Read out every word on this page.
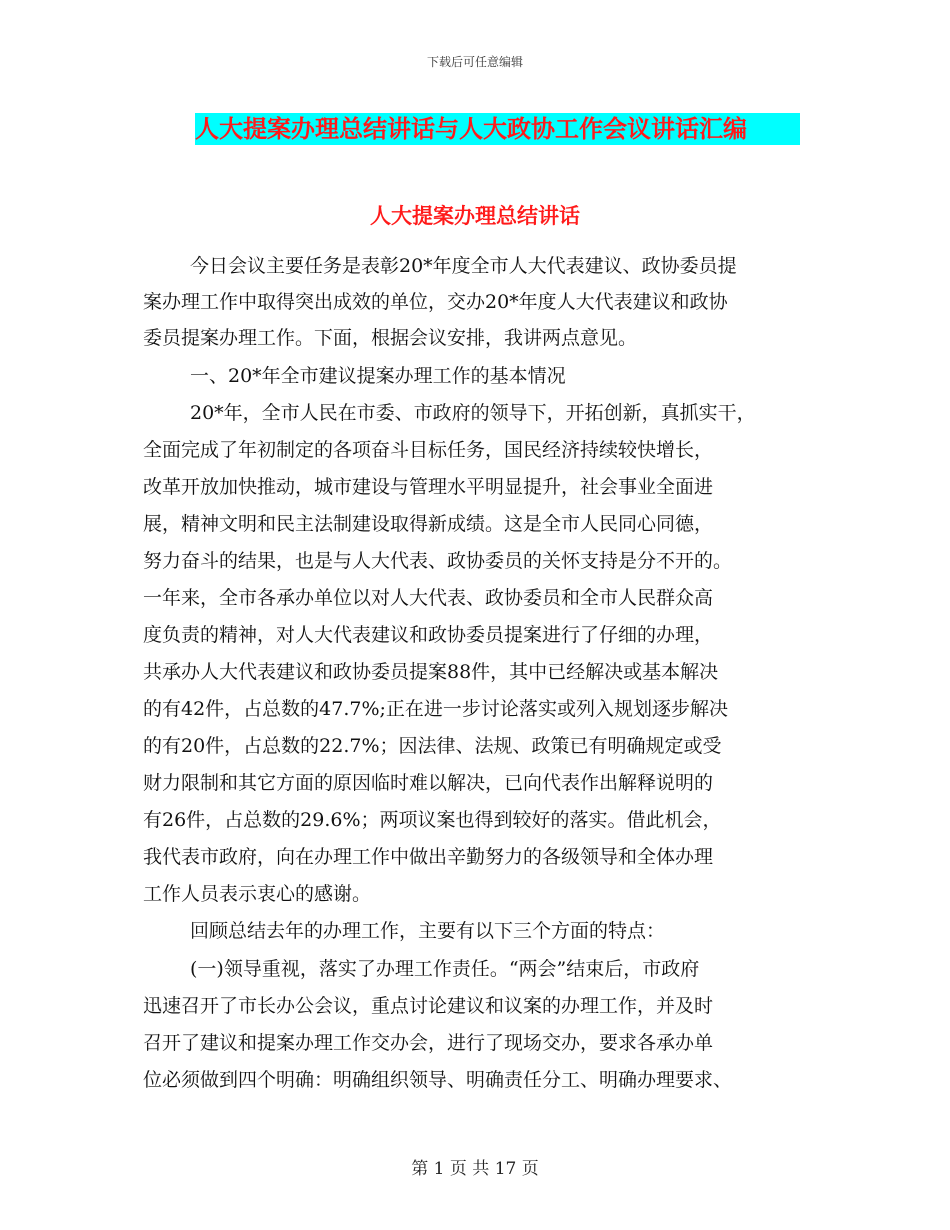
下载后可任意编辑
人大提案办理总结讲话与人大政协工作会议讲话汇编
人大提案办理总结讲话
今日会议主要任务是表彰20*年度全市人大代表建议、政协委员提
案办理工作中取得突出成效的单位，交办20*年度人大代表建议和政协
委员提案办理工作。下面，根据会议安排，我讲两点意见。
一、20*年全市建议提案办理工作的基本情况
20*年，全市人民在市委、市政府的领导下，开拓创新，真抓实干，
全面完成了年初制定的各项奋斗目标任务，国民经济持续较快增长，
改革开放加快推动，城市建设与管理水平明显提升，社会事业全面进
展，精神文明和民主法制建设取得新成绩。这是全市人民同心同德，
努力奋斗的结果，也是与人大代表、政协委员的关怀支持是分不开的。
一年来，全市各承办单位以对人大代表、政协委员和全市人民群众高
度负责的精神，对人大代表建议和政协委员提案进行了仔细的办理，
共承办人大代表建议和政协委员提案88件，其中已经解决或基本解决
的有42件，占总数的47.7%;正在进一步讨论落实或列入规划逐步解决
的有20件，占总数的22.7%；因法律、法规、政策已有明确规定或受
财力限制和其它方面的原因临时难以解决，已向代表作出解释说明的
有26件，占总数的29.6%；两项议案也得到较好的落实。借此机会，
我代表市政府，向在办理工作中做出辛勤努力的各级领导和全体办理
工作人员表示衷心的感谢。
回顾总结去年的办理工作，主要有以下三个方面的特点：
(一)领导重视，落实了办理工作责任。“两会”结束后，市政府
迅速召开了市长办公会议，重点讨论建议和议案的办理工作，并及时
召开了建议和提案办理工作交办会，进行了现场交办，要求各承办单
位必须做到四个明确：明确组织领导、明确责任分工、明确办理要求、
第 1 页 共 17 页
